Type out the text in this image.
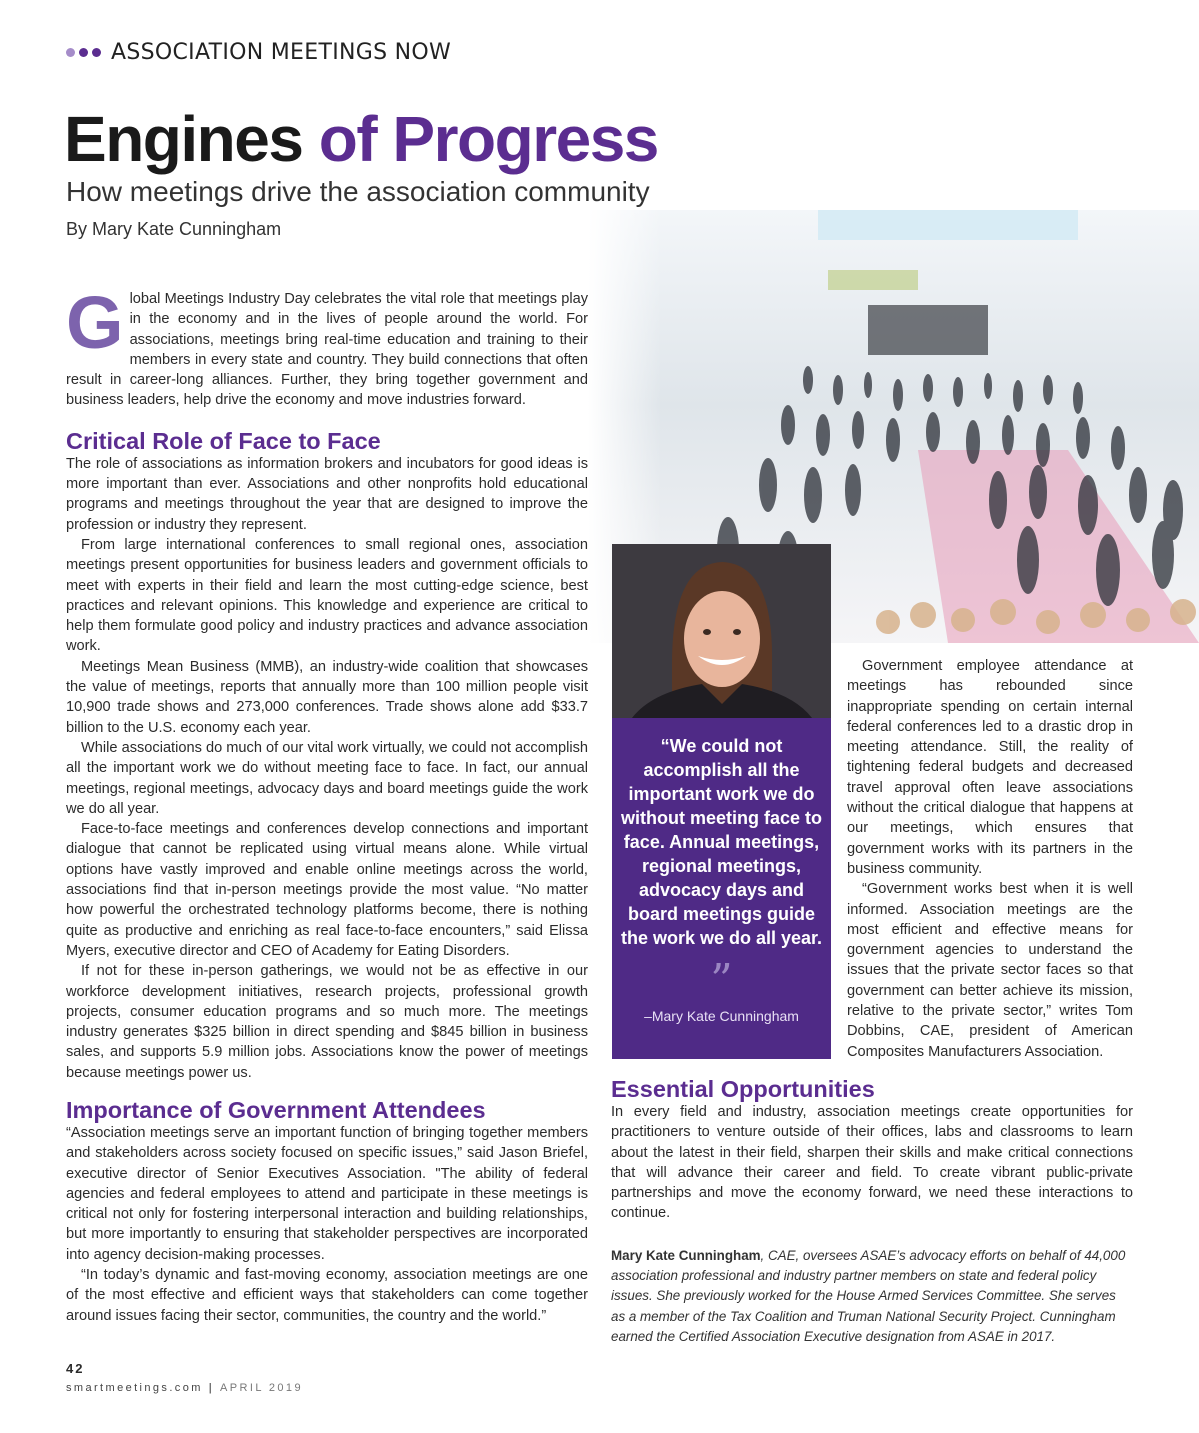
ASSOCIATION MEETINGS NOW
Engines of Progress
How meetings drive the association community
By Mary Kate Cunningham

Global Meetings Industry Day celebrates the vital role that meetings play in the economy and in the lives of people around the world. For associations, meetings bring real-time education and training to their members in every state and country. They build connections that often result in career-long alliances. Further, they bring together government and business leaders, help drive the economy and move industries forward.

Critical Role of Face to Face

The role of associations as information brokers and incubators for good ideas is more important than ever. Associations and other nonprofits hold educational programs and meetings throughout the year that are designed to improve the profession or industry they represent.

From large international conferences to small regional ones, association meetings present opportunities for business leaders and government officials to meet with experts in their field and learn the most cutting-edge science, best practices and relevant opinions. This knowledge and experience are critical to help them formulate good policy and industry practices and advance association work.

Meetings Mean Business (MMB), an industry-wide coalition that showcases the value of meetings, reports that annually more than 100 million people visit 10,900 trade shows and 273,000 conferences. Trade shows alone add $33.7 billion to the U.S. economy each year.

While associations do much of our vital work virtually, we could not accomplish all the important work we do without meeting face to face. In fact, our annual meetings, regional meetings, advocacy days and board meetings guide the work we do all year.

Face-to-face meetings and conferences develop connections and important dialogue that cannot be replicated using virtual means alone. While virtual options have vastly improved and enable online meetings across the world, associations find that in-person meetings provide the most value. “No matter how powerful the orchestrated technology platforms become, there is nothing quite as productive and enriching as real face-to-face encounters,” said Elissa Myers, executive director and CEO of Academy for Eating Disorders.

If not for these in-person gatherings, we would not be as effective in our workforce development initiatives, research projects, professional growth projects, consumer education programs and so much more. The meetings industry generates $325 billion in direct spending and $845 billion in business sales, and supports 5.9 million jobs. Associations know the power of meetings because meetings power us.

Importance of Government Attendees

“Association meetings serve an important function of bringing together members and stakeholders across society focused on specific issues,” said Jason Briefel, executive director of Senior Executives Association. "The ability of federal agencies and federal employees to attend and participate in these meetings is critical not only for fostering interpersonal interaction and building relationships, but more importantly to ensuring that stakeholder perspectives are incorporated into agency decision-making processes.

“In today’s dynamic and fast-moving economy, association meetings are one of the most effective and efficient ways that stakeholders can come together around issues facing their sector, communities, the country and the world.”

“We could not accomplish all the important work we do without meeting face to face. Annual meetings, regional meetings, advocacy days and board meetings guide the work we do all year.
”
–Mary Kate Cunningham

Government employee attendance at meetings has rebounded since inappropriate spending on certain internal federal conferences led to a drastic drop in meeting attendance. Still, the reality of tightening federal budgets and decreased travel approval often leave associations without the critical dialogue that happens at our meetings, which ensures that government works with its partners in the business community.

“Government works best when it is well informed. Association meetings are the most efficient and effective means for government agencies to understand the issues that the private sector faces so that government can better achieve its mission, relative to the private sector,” writes Tom Dobbins, CAE, president of American Composites Manufacturers Association.

Essential Opportunities

In every field and industry, association meetings create opportunities for practitioners to venture outside of their offices, labs and classrooms to learn about the latest in their field, sharpen their skills and make critical connections that will advance their career and field. To create vibrant public-private partnerships and move the economy forward, we need these interactions to continue.

Mary Kate Cunningham, CAE, oversees ASAE’s advocacy efforts on behalf of 44,000 association professional and industry partner members on state and federal policy issues. She previously worked for the House Armed Services Committee. She serves as a member of the Tax Coalition and Truman National Security Project. Cunningham earned the Certified Association Executive designation from ASAE in 2017.

42
smartmeetings.com | APRIL 2019
